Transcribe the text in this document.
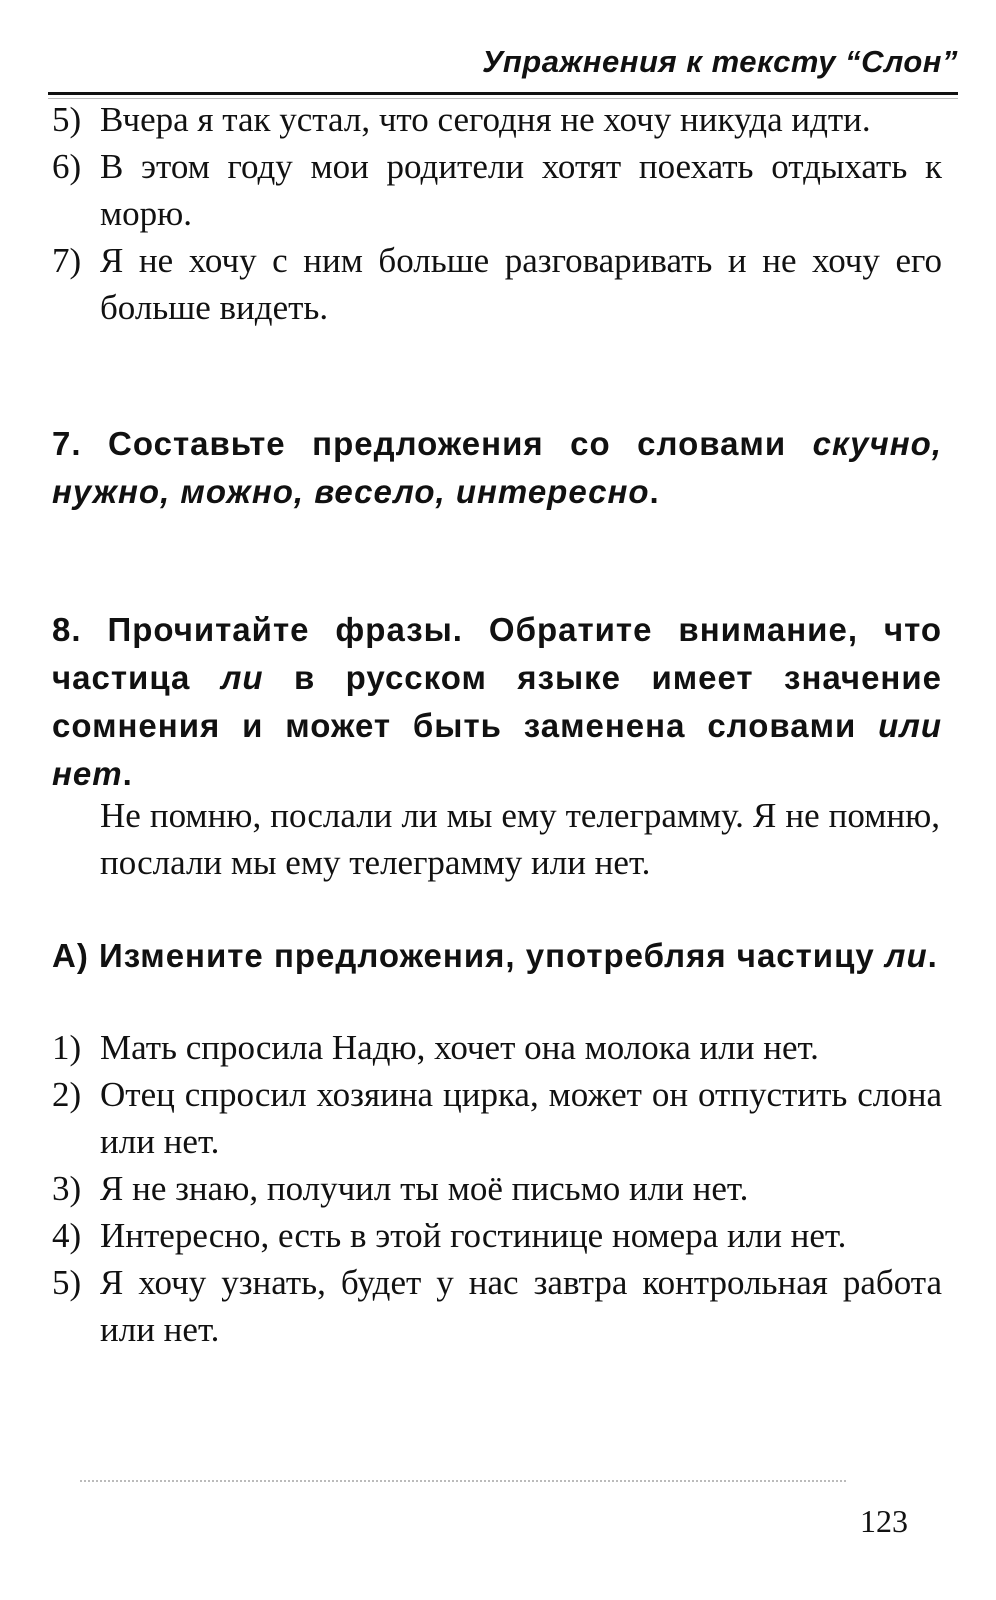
Упражнения к тексту “Слон”
5) Вчера я так устал, что сегодня не хочу никуда идти.
6) В этом году мои родители хотят поехать отдыхать к морю.
7) Я не хочу с ним больше разговаривать и не хочу его больше видеть.

7. Составьте предложения со словами скучно, нужно, можно, весело, интересно.

8. Прочитайте фразы. Обратите внимание, что частица ли в русском языке имеет значение сомнения и может быть заменена словами или нет.

Не помню, послали ли мы ему телеграмму. Я не помню, послали мы ему телеграмму или нет.

А) Измените предложения, употребляя частицу ли.

1) Мать спросила Надю, хочет она молока или нет.
2) Отец спросил хозяина цирка, может он отпустить слона или нет.
3) Я не знаю, получил ты моё письмо или нет.
4) Интересно, есть в этой гостинице номера или нет.
5) Я хочу узнать, будет у нас завтра контрольная работа или нет.
123
